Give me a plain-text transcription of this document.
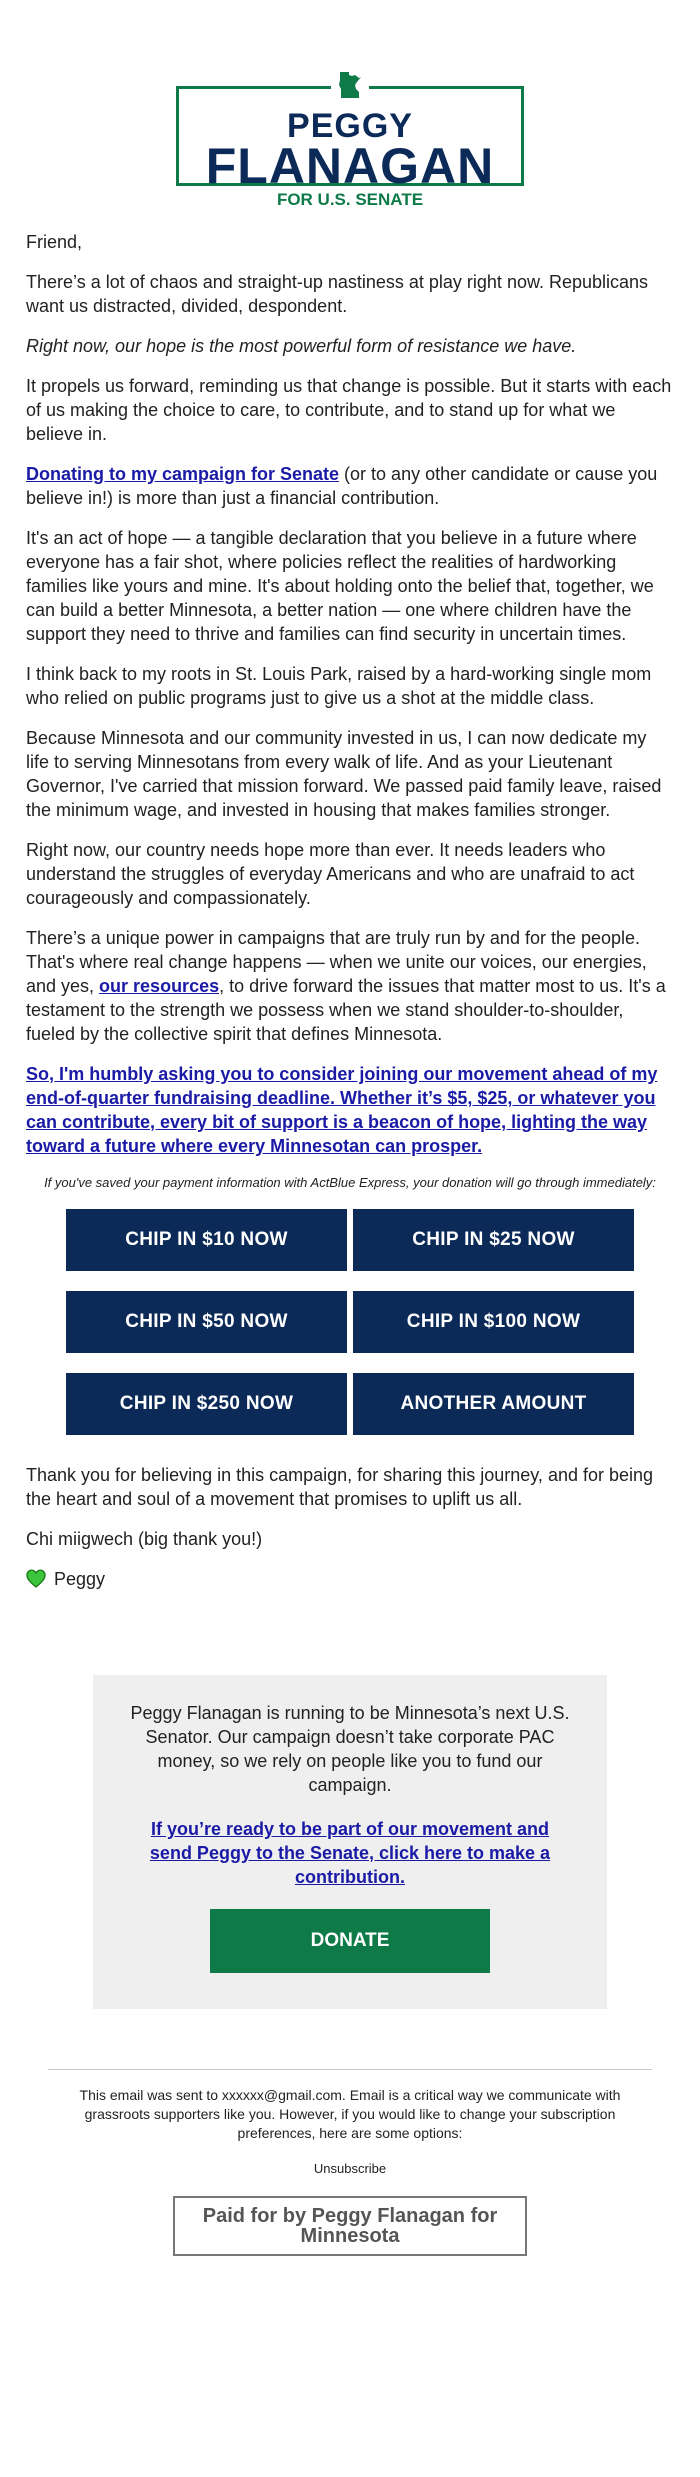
PEGGY
FLANAGAN
FOR U.S. SENATE

Friend,

There’s a lot of chaos and straight-up nastiness at play right now. Republicans want us distracted, divided, despondent.

Right now, our hope is the most powerful form of resistance we have.

It propels us forward, reminding us that change is possible. But it starts with each of us making the choice to care, to contribute, and to stand up for what we believe in.

Donating to my campaign for Senate (or to any other candidate or cause you believe in!) is more than just a financial contribution.

It's an act of hope — a tangible declaration that you believe in a future where everyone has a fair shot, where policies reflect the realities of hardworking families like yours and mine. It's about holding onto the belief that, together, we can build a better Minnesota, a better nation — one where children have the support they need to thrive and families can find security in uncertain times.

I think back to my roots in St. Louis Park, raised by a hard-working single mom who relied on public programs just to give us a shot at the middle class.

Because Minnesota and our community invested in us, I can now dedicate my life to serving Minnesotans from every walk of life. And as your Lieutenant Governor, I've carried that mission forward. We passed paid family leave, raised the minimum wage, and invested in housing that makes families stronger.

Right now, our country needs hope more than ever. It needs leaders who understand the struggles of everyday Americans and who are unafraid to act courageously and compassionately.

There’s a unique power in campaigns that are truly run by and for the people. That's where real change happens — when we unite our voices, our energies, and yes, our resources, to drive forward the issues that matter most to us. It's a testament to the strength we possess when we stand shoulder-to-shoulder, fueled by the collective spirit that defines Minnesota.

So, I'm humbly asking you to consider joining our movement ahead of my end-of-quarter fundraising deadline. Whether it’s $5, $25, or whatever you can contribute, every bit of support is a beacon of hope, lighting the way toward a future where every Minnesotan can prosper.
If you've saved your payment information with ActBlue Express, your donation will go through immediately:
CHIP IN $10 NOW	CHIP IN $25 NOW
CHIP IN $50 NOW	CHIP IN $100 NOW
CHIP IN $250 NOW	ANOTHER AMOUNT

Thank you for believing in this campaign, for sharing this journey, and for being the heart and soul of a movement that promises to uplift us all.

Chi miigwech (big thank you!)

Peggy

Peggy Flanagan is running to be Minnesota’s next U.S. Senator. Our campaign doesn’t take corporate PAC money, so we rely on people like you to fund our campaign.

If you’re ready to be part of our movement and send Peggy to the Senate, click here to make a contribution.

DONATE
This email was sent to xxxxxx@gmail.com. Email is a critical way we communicate with grassroots supporters like you. However, if you would like to change your subscription preferences, here are some options:
Unsubscribe
Paid for by Peggy Flanagan for Minnesota
